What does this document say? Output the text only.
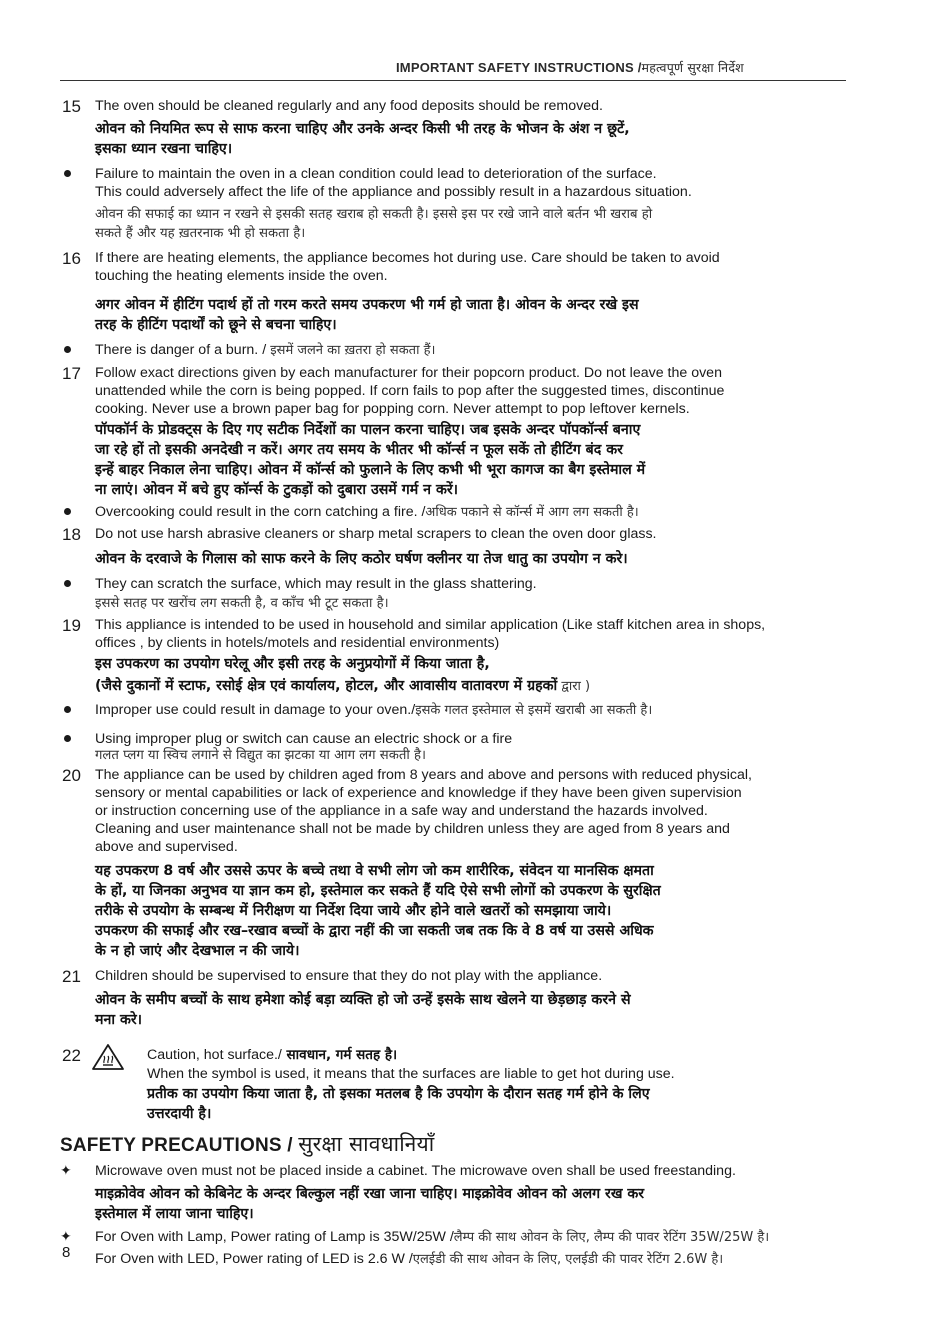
IMPORTANT SAFETY INSTRUCTIONS /महत्वपूर्ण सुरक्षा निर्देश
15 The oven should be cleaned regularly and any food deposits should be removed.

ओवन को नियमित रूप से साफ करना चाहिए और उनके अन्दर किसी भी तरह के भोजन के अंश न छूटें,
इसका ध्यान रखना चाहिए।

Failure to maintain the oven in a clean condition could lead to deterioration of the surface.
This could adversely affect the life of the appliance and possibly result in a hazardous situation.

ओवन की सफाई का ध्यान न रखने से इसकी सतह खराब हो सकती है। इससे इस पर रखे जाने वाले बर्तन भी खराब हो
सकते हैं और यह ख़तरनाक भी हो सकता है।

16 If there are heating elements, the appliance becomes hot during use. Care should be taken to avoid
touching the heating elements inside the oven.

अगर ओवन में हीटिंग पदार्थ हों तो गरम करते समय उपकरण भी गर्म हो जाता है। ओवन के अन्दर रखे इस
तरह के हीटिंग पदार्थों को छूने से बचना चाहिए।

There is danger of a burn. / इसमें जलने का ख़तरा हो सकता हैं।

17 Follow exact directions given by each manufacturer for their popcorn product. Do not leave the oven
unattended while the corn is being popped. If corn fails to pop after the suggested times, discontinue
cooking. Never use a brown paper bag for popping corn. Never attempt to pop leftover kernels.

पॉपकॉर्न के प्रोडक्ट्स के दिए गए सटीक निर्देशों का पालन करना चाहिए। जब इसके अन्दर पॉपकॉर्न्स बनाए
जा रहे हों तो इसकी अनदेखी न करें। अगर तय समय के भीतर भी कॉर्न्स न फूल सकें तो हीटिंग बंद कर
इन्हें बाहर निकाल लेना चाहिए। ओवन में कॉर्न्स को फुलाने के लिए कभी भी भूरा कागज का बैग इस्तेमाल में
ना लाएं। ओवन में बचे हुए कॉर्न्स के टुकड़ों को दुबारा उसमें गर्म न करें।

Overcooking could result in the corn catching a fire. /अधिक पकाने से कॉर्न्स में आग लग सकती है।

18 Do not use harsh abrasive cleaners or sharp metal scrapers to clean the oven door glass.

ओवन के दरवाजे के गिलास को साफ करने के लिए कठोर घर्षण क्लीनर या तेज धातु का उपयोग न करे।

They can scratch the surface, which may result in the glass shattering.

इससे सतह पर खरोंच लग सकती है, व काँच भी टूट सकता है।

19 This appliance is intended to be used in household and similar application (Like staff kitchen area in shops,
offices , by clients in hotels/motels and residential environments)

इस उपकरण का उपयोग घरेलू और इसी तरह के अनुप्रयोगों में किया जाता है,

(जैसे दुकानों में स्टाफ, रसोई क्षेत्र एवं कार्यालय, होटल, और आवासीय वातावरण में ग्रहकों द्वारा )

Improper use could result in damage to your oven./इसके गलत इस्तेमाल से इसमें खराबी आ सकती है।

Using improper plug or switch can cause an electric shock or a fire

गलत प्लग या स्विच लगाने से विद्युत का झटका या आग लग सकती है।

20 The appliance can be used by children aged from 8 years and above and persons with reduced physical,
sensory or mental capabilities or lack of experience and knowledge if they have been given supervision
or instruction concerning use of the appliance in a safe way and understand the hazards involved.
Cleaning and user maintenance shall not be made by children unless they are aged from 8 years and
above and supervised.

यह उपकरण 8 वर्ष और उससे ऊपर के बच्चे तथा वे सभी लोग जो कम शारीरिक, संवेदन या मानसिक क्षमता
के हों, या जिनका अनुभव या ज्ञान कम हो, इस्तेमाल कर सकते हैं यदि ऐसे सभी लोगों को उपकरण के सुरक्षित
तरीके से उपयोग के सम्बन्ध में निरीक्षण या निर्देश दिया जाये और होने वाले खतरों को समझाया जाये।
उपकरण की सफाई और रख–रखाव बच्चों के द्वारा नहीं की जा सकती जब तक कि वे 8 वर्ष या उससे अधिक
के न हो जाएं और देखभाल न की जाये।

21 Children should be supervised to ensure that they do not play with the appliance.

ओवन के समीप बच्चों के साथ हमेशा कोई बड़ा व्यक्ति हो जो उन्हें इसके साथ खेलने या छेड़छाड़ करने से
मना करे।

22	Caution, hot surface./ सावधान, गर्म सतह है।

When the symbol is used, it means that the surfaces are liable to get hot during use.

प्रतीक का उपयोग किया जाता है, तो इसका मतलब है कि उपयोग के दौरान सतह गर्म होने के लिए
उत्तरदायी है।

SAFETY PRECAUTIONS / सुरक्षा सावधानियाँ
✦ Microwave oven must not be placed inside a cabinet. The microwave oven shall be used freestanding.

माइक्रोवेव ओवन को केबिनेट के अन्दर बिल्कुल नहीं रखा जाना चाहिए। माइक्रोवेव ओवन को अलग रख कर
इस्तेमाल में लाया जाना चाहिए।

✦ For Oven with Lamp, Power rating of Lamp is 35W/25W /लैम्प की साथ ओवन के लिए, लैम्प की पावर रेटिंग 35W/25W है।

For Oven with LED, Power rating of LED is 2.6 W /एलईडी की साथ ओवन के लिए, एलईडी की पावर रेटिंग 2.6W है।

8
